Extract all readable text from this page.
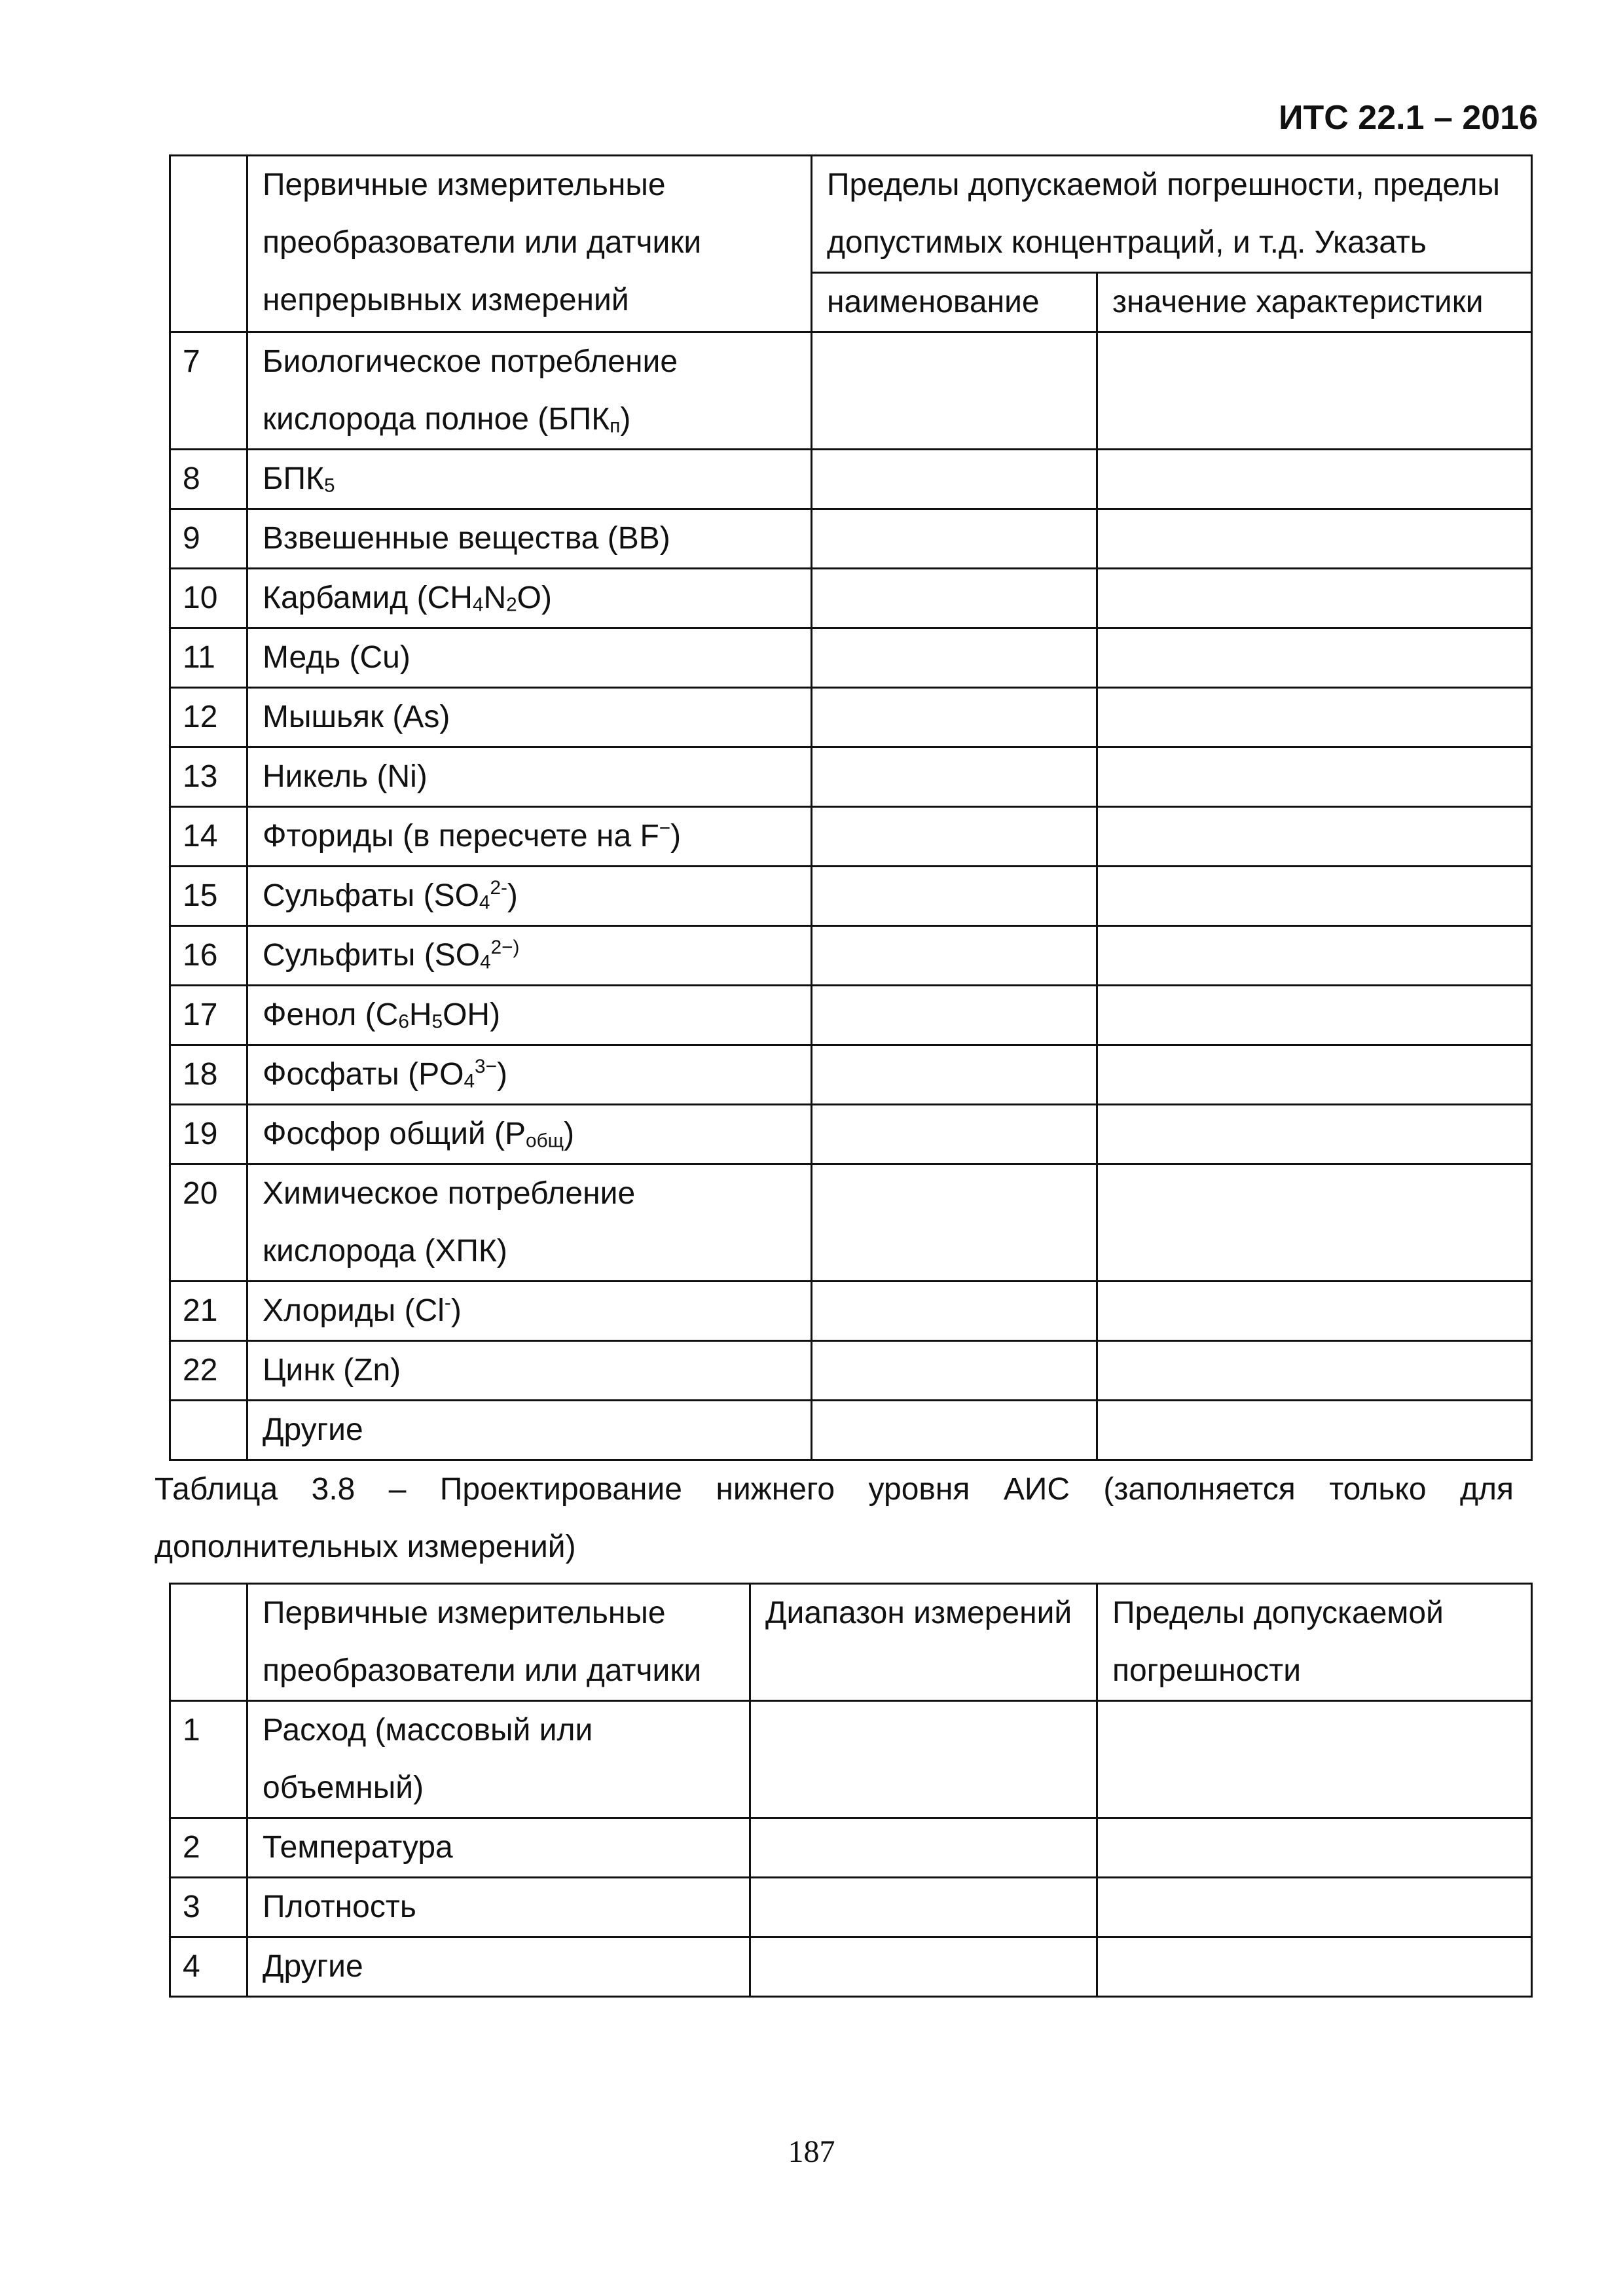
ИТС 22.1 – 2016
	Первичные измерительные преобразователи или датчики непрерывных измерений	Пределы допускаемой погрешности, пределы допустимых концентраций, и т.д. Указать	

		наименование	значение характеристики
7	Биологическое потребление кислорода полное $(БПК_п)$		
8	$БПК_5$		
9	Взвешенные вещества (ВВ)		
10	Карбамид $(CH_4N_2O)$		
11	Медь (Cu)		
12	Мышьяк (As)		
13	Никель (Ni)		
14	Фториды (в пересчете на F−)		
15	Сульфаты $(SO_4^{2-})$		
16	Сульфиты ($SO_4^{2-)}$		
17	Фенол $(C_6H_5OH)$		
18	Фосфаты $(PO_4^{3-})$		
19	Фосфор общий $(P_{общ})$		
20	Химическое потребление кислорода (ХПК)		
21	Хлориды (Cl-)		
22	Цинк (Zn)		
	Другие		
Таблица 3.8 – Проектирование нижнего уровня АИС (заполняется только для дополнительных измерений)
	Первичные измерительные преобразователи или датчики	Диапазон измерений	Пределы допускаемой погрешности
1	Расход (массовый или объемный)		
2	Температура		
3	Плотность		
4	Другие		
187
